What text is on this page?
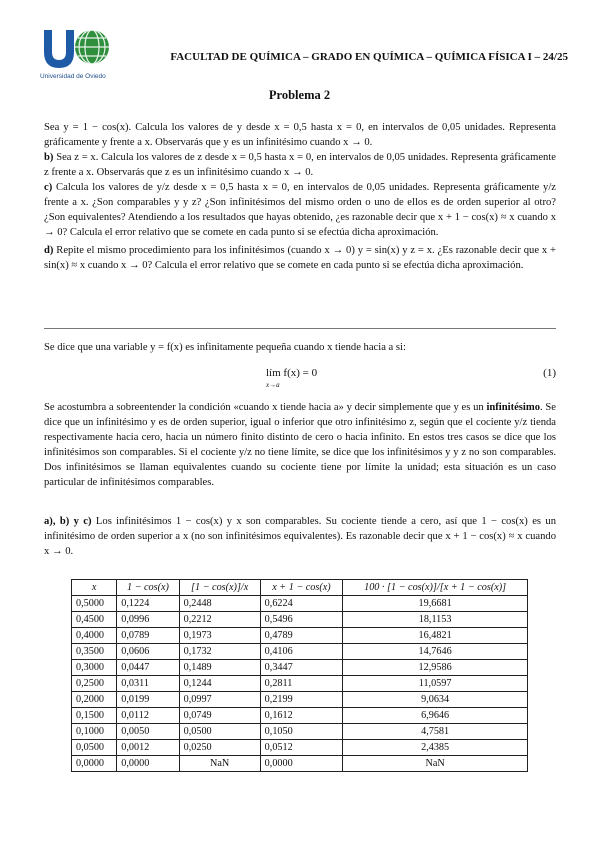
Universidad de Oviedo
FACULTAD DE QUÍMICA – GRADO EN QUÍMICA – QUÍMICA FÍSICA I – 24/25
Problema 2

Sea y = 1 − cos(x). Calcula los valores de y desde x = 0,5 hasta x = 0, en intervalos de 0,05 unidades. Representa gráficamente y frente a x. Observarás que y es un infinitésimo cuando x → 0.

b) Sea z = x. Calcula los valores de z desde x = 0,5 hasta x = 0, en intervalos de 0,05 unidades. Representa gráficamente z frente a x. Observarás que z es un infinitésimo cuando x → 0.

c) Calcula los valores de y/z desde x = 0,5 hasta x = 0, en intervalos de 0,05 unidades. Representa gráficamente y/z frente a x. ¿Son comparables y y z? ¿Son infinitésimos del mismo orden o uno de ellos es de orden superior al otro? ¿Son equivalentes? Atendiendo a los resultados que hayas obtenido, ¿es razonable decir que x + 1 − cos(x) ≈ x cuando x → 0? Calcula el error relativo que se comete en cada punto si se efectúa dicha aproximación.

d) Repite el mismo procedimiento para los infinitésimos (cuando x → 0) y = sin(x) y z = x. ¿Es razonable decir que x + sin(x) ≈ x cuando x → 0? Calcula el error relativo que se comete en cada punto si se efectúa dicha aproximación.

Se dice que una variable y = f(x) es infinitamente pequeña cuando x tiende hacia a si:

lím f(x) = 0
x→a
(1)

Se acostumbra a sobreentender la condición «cuando x tiende hacia a» y decir simplemente que y es un infinitésimo. Se dice que un infinitésimo y es de orden superior, igual o inferior que otro infinitésimo z, según que el cociente y/z tienda respectivamente hacia cero, hacia un número finito distinto de cero o hacia infinito. En estos tres casos se dice que los infinitésimos son comparables. Si el cociente y/z no tiene límite, se dice que los infinitésimos y y z no son comparables. Dos infinitésimos se llaman equivalentes cuando su cociente tiene por límite la unidad; esta situación es un caso particular de infinitésimos comparables.

a), b) y c) Los infinitésimos 1 − cos(x) y x son comparables. Su cociente tiende a cero, así que 1 − cos(x) es un infinitésimo de orden superior a x (no son infinitésimos equivalentes). Es razonable decir que x + 1 − cos(x) ≈ x cuando x → 0.

x	1 − cos(x)	[1 − cos(x)]/x	x + 1 − cos(x)	100 · [1 − cos(x)]/[x + 1 − cos(x)]
0,5000	0,1224	0,2448	0,6224	19,6681
0,4500	0,0996	0,2212	0,5496	18,1153
0,4000	0,0789	0,1973	0,4789	16,4821
0,3500	0,0606	0,1732	0,4106	14,7646
0,3000	0,0447	0,1489	0,3447	12,9586
0,2500	0,0311	0,1244	0,2811	11,0597
0,2000	0,0199	0,0997	0,2199	9,0634
0,1500	0,0112	0,0749	0,1612	6,9646
0,1000	0,0050	0,0500	0,1050	4,7581
0,0500	0,0012	0,0250	0,0512	2,4385
0,0000	0,0000	NaN	0,0000	NaN
